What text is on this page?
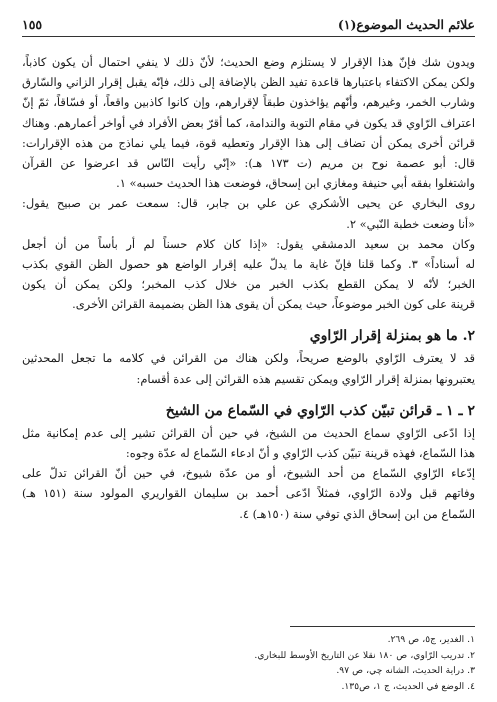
علائم الحديث الموضوع(١)
١٥٥
ويدون شك فإنّ هذا الإقرار لا يستلزم وضع الحديث؛ لأنّ ذلك لا ينفي احتمال أن يكون كاذباً،
ولكن يمكن الاكتفاء باعتبارها قاعدة تفيد الظن بالإضافة إلى ذلك، فإنّه يقبل إقرار الزاني والسّارق
وشارب الخمر، وغيرهم، وأنّهم يؤاخذون طبقاً لإقرارهم، وإن كانوا كاذبين واقعاً، أو فسّاقاً، ثمّ إنّ
اعتراف الرّاوي قد يكون في مقام التوبة والندامة، كما أقرّ بعض الأفراد في أواخر أعمارهم. وهناك
قرائن أخرى يمكن أن تضاف إلى هذا الإقرار وتعطيه قوة، فيما يلي نماذج من هذه الإقرارات:
قال: أبو عصمة نوح بن مريم (ت ١٧٣ هـ): «إنّي رأيت النّاس قد اعرضوا عن القرآن
واشتغلوا بفقه أبي حنيفة ومغازي ابن إسحاق، فوضعت هذا الحديث حسبه» ١.
روى البخاري عن يحيى الأشكري عن علي بن جابر، قال: سمعت عمر بن صبيح يقول:
«أنا وضعت خطبة النّبي» ٢.
وكان محمد بن سعيد الدمشقي يقول: «إذا كان كلام حسناً لم أر بأساً من أن أجعل
له أسناداً» ٣. وكما قلنا فإنّ غاية ما يدلّ عليه إقرار الواضع هو حصول الظن القوي بكذب
الخبر؛ لأنّه لا يمكن القطع بكذب الخبر من خلال كذب المخبر؛ ولكن يمكن أن يكون
قرينة على كون الخبر موضوعاً، حيث يمكن أن يقوى هذا الظن بضميمة القرائن الأخرى.
٢. ما هو بمنزلة إقرار الرّاوي
قد لا يعترف الرّاوي بالوضع صريحاً، ولكن هناك من القرائن في كلامه ما تجعل المحدثين
يعتبرونها بمنزلة إقرار الرّاوي ويمكن تقسيم هذه القرائن إلى عدة أقسام:
٢ ـ ١ ـ قرائن تبيّن كذب الرّاوي في السّماع من الشيخ
إذا ادّعى الرّاوي سماع الحديث من الشيخ، في حين أن القرائن تشير إلى عدم إمكانية مثل
هذا السّماع، فهذه قرينة تبيّن كذب الرّاوي و أنّ ادعاء السّماع له عدّة وجوه:
إدّعاء الرّاوي السّماع من أحد الشيوخ، أو من عدّة شيوخ، في حين أنّ القرائن تدلّ على
وفاتهم قبل ولادة الرّاوي، فمثلاً ادّعى أحمد بن سليمان القواريري المولود سنة (١٥١ هـ)
السّماع من ابن إسحاق الذي توفي سنة (١٥٠هـ) ٤.
١. الغدير، ج٥، ص ٢٦٩.
٢. تدريب الرّاوي، ص ١٨٠ نقلا عن التاريخ الأوسط للبخاري.
٣. دراية الحديث، الشانه چي، ص ٩٧.
٤. الوضع في الحديث، ج ١، ص١٣٥.
